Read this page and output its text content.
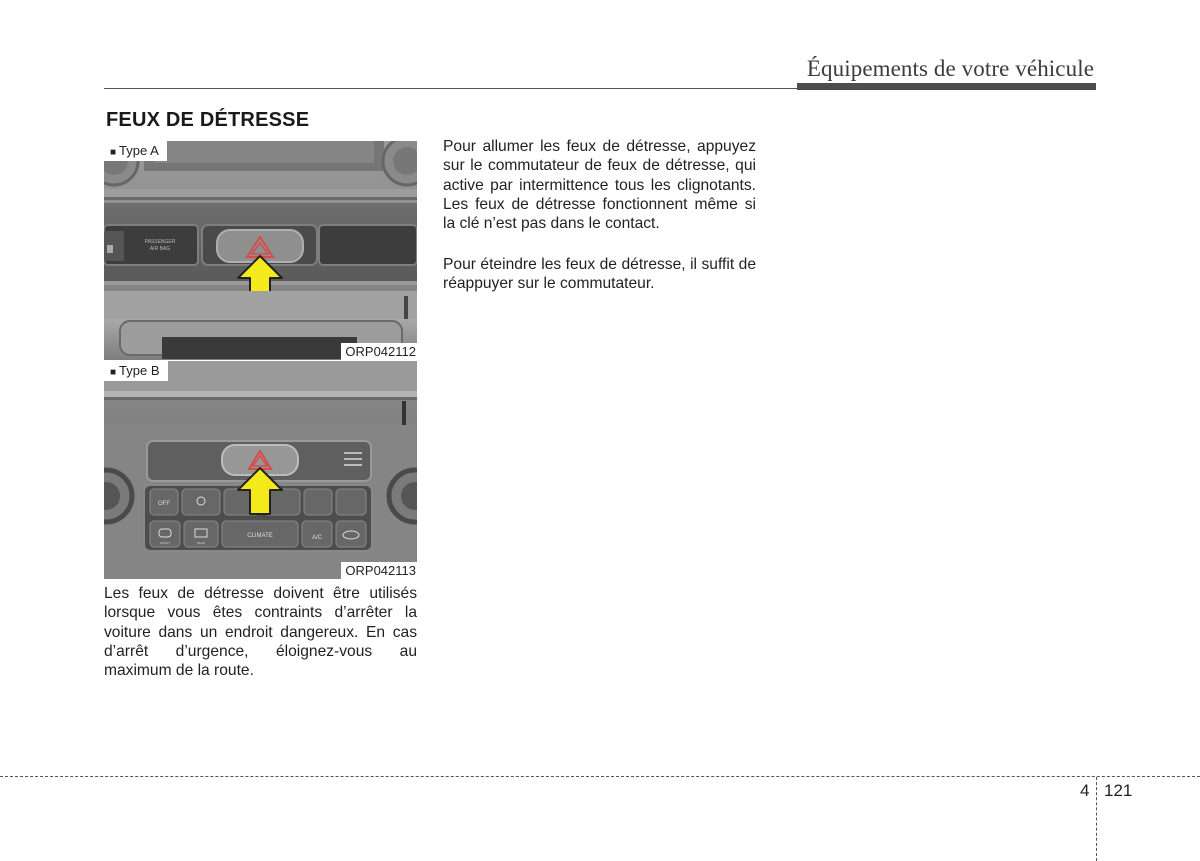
Équipements de votre véhicule
FEUX DE DÉTRESSE
PASSENGER
AIR BAG
■ Type A
ORP042112
OFF
CLIMATE	A/C
FRONT	REAR
■ Type B
ORP042113

Les feux de détresse doivent être utilisés lorsque vous êtes contraints d’arrêter la voiture dans un endroit dangereux. En cas d’arrêt d’urgence, éloignez-vous au maximum de la route.

Pour allumer les feux de détresse, appuyez sur le commutateur de feux de détresse, qui active par intermittence tous les clignotants. Les feux de détresse fonctionnent même si la clé n’est pas dans le contact.

Pour éteindre les feux de détresse, il suffit de réappuyer sur le commutateur.

4 121
